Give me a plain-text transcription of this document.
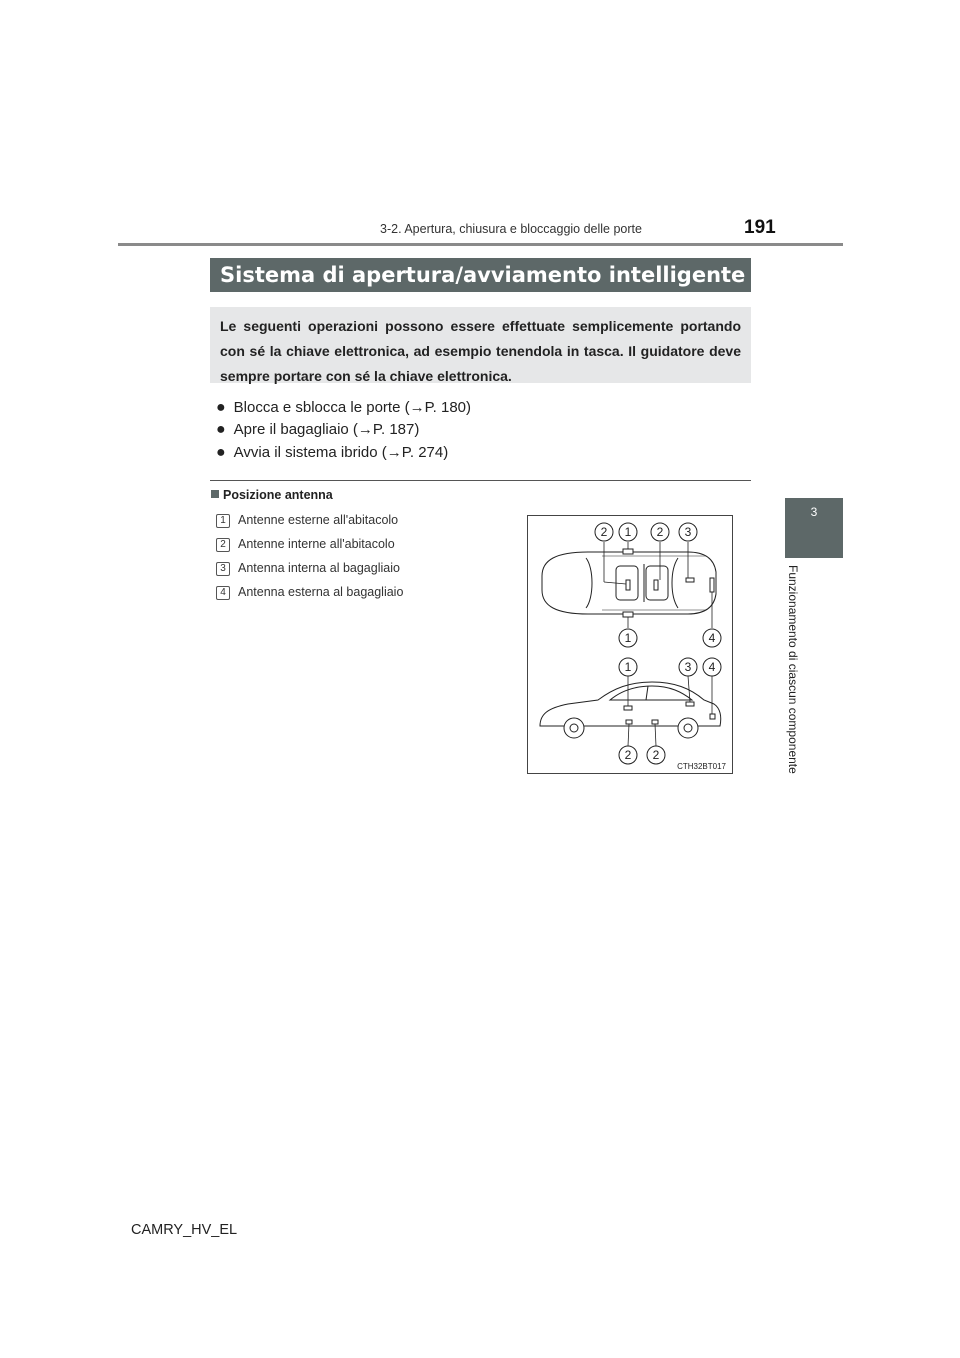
3-2. Apertura, chiusura e bloccaggio delle porte	191
3
Funzionamento di ciascun componente
Sistema di apertura/avviamento intelligente
Le seguenti operazioni possono essere effettuate semplicemente portando con sé la chiave elettronica, ad esempio tenendola in tasca. Il guidatore deve sempre portare con sé la chiave elettronica.
● Blocca e sblocca le porte (→P. 180)
● Apre il bagagliaio (→P. 187)
● Avvia il sistema ibrido (→P. 274)
Posizione antenna
1 Antenne esterne all'abitacolo
2 Antenne interne all'abitacolo
3 Antenna interna al bagagliaio
4 Antenna esterna al bagagliaio
2 1 2 3
1	4
1	3 4
2 2
CTH32BT017
CAMRY_HV_EL
